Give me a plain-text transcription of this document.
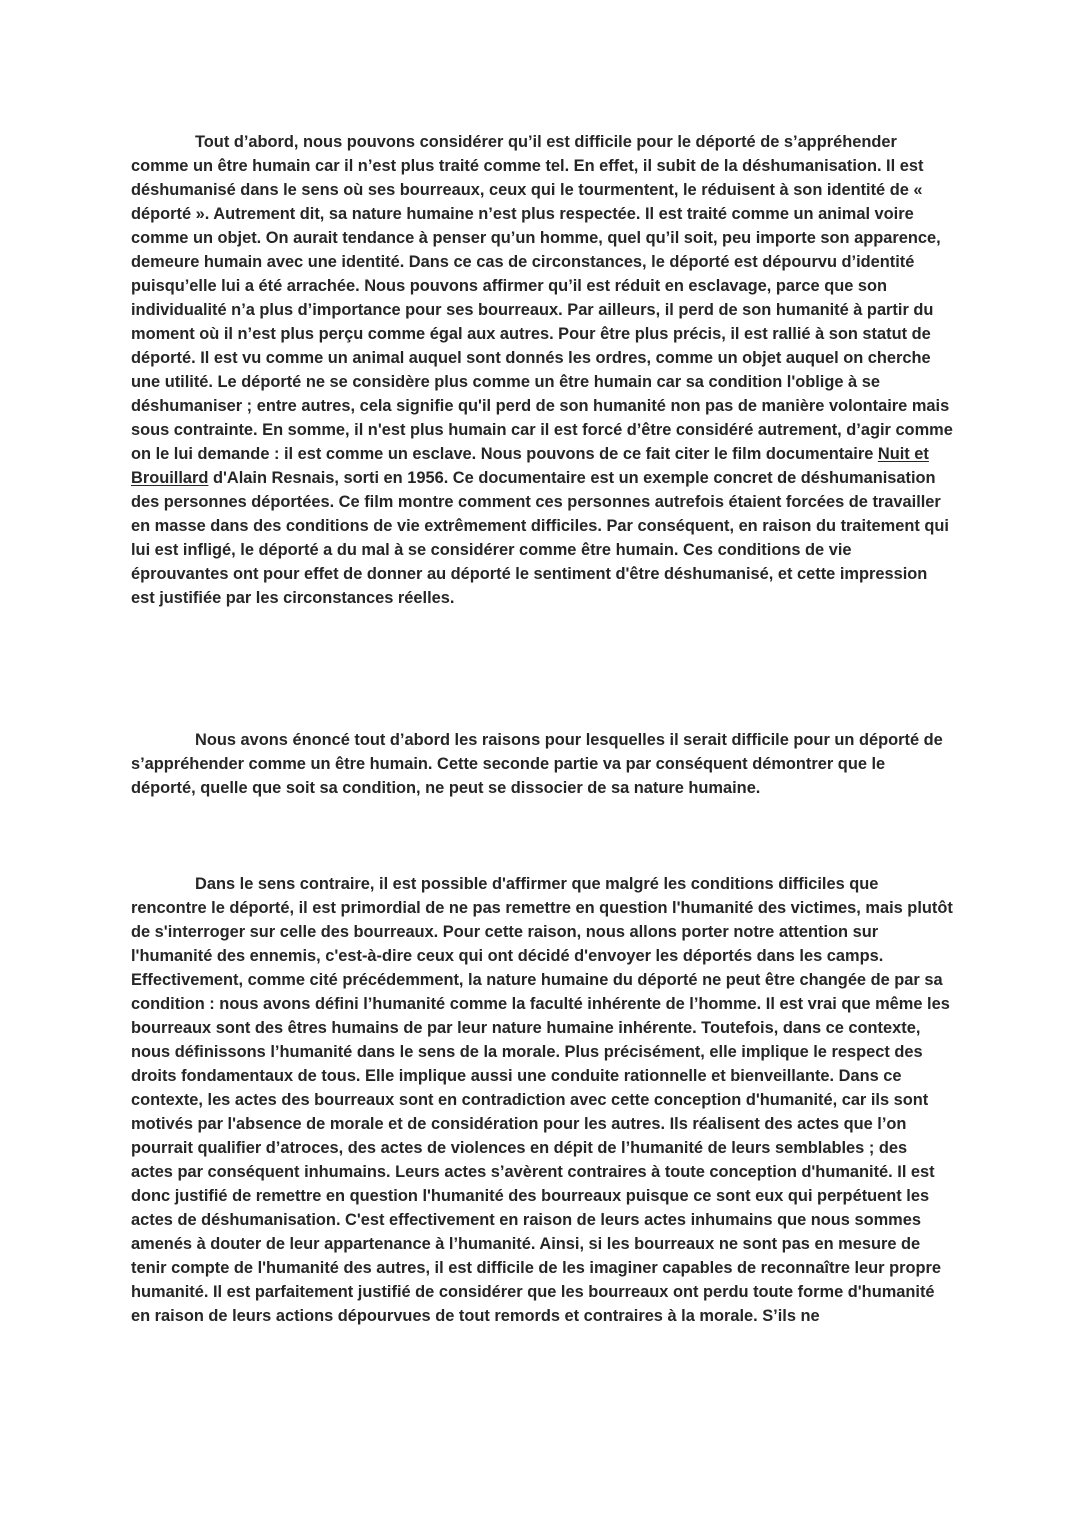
Tout d’abord, nous pouvons considérer qu’il est difficile pour le déporté de s’appréhender comme un être humain car il n’est plus traité comme tel. En effet, il subit de la déshumanisation. Il est déshumanisé dans le sens où ses bourreaux, ceux qui le tourmentent, le réduisent à son identité de « déporté ». Autrement dit, sa nature humaine n’est plus respectée. Il est traité comme un animal voire comme un objet. On aurait tendance à penser qu’un homme, quel qu’il soit, peu importe son apparence, demeure humain avec une identité. Dans ce cas de circonstances, le déporté est dépourvu d’identité puisqu’elle lui a été arrachée. Nous pouvons affirmer qu’il est réduit en esclavage, parce que son individualité n’a plus d’importance pour ses bourreaux. Par ailleurs, il perd de son humanité à partir du moment où il n’est plus perçu comme égal aux autres. Pour être plus précis, il est rallié à son statut de déporté. Il est vu comme un animal auquel sont donnés les ordres, comme un objet auquel on cherche une utilité. Le déporté ne se considère plus comme un être humain car sa condition l'oblige à se déshumaniser ; entre autres, cela signifie qu'il perd de son humanité non pas de manière volontaire mais sous contrainte. En somme, il n'est plus humain car il est forcé d’être considéré autrement, d’agir comme on le lui demande : il est comme un esclave. Nous pouvons de ce fait citer le film documentaire Nuit et Brouillard d'Alain Resnais, sorti en 1956. Ce documentaire est un exemple concret de déshumanisation des personnes déportées. Ce film montre comment ces personnes autrefois étaient forcées de travailler en masse dans des conditions de vie extrêmement difficiles. Par conséquent, en raison du traitement qui lui est infligé, le déporté a du mal à se considérer comme être humain. Ces conditions de vie éprouvantes ont pour effet de donner au déporté le sentiment d'être déshumanisé, et cette impression est justifiée par les circonstances réelles.

Nous avons énoncé tout d’abord les raisons pour lesquelles il serait difficile pour un déporté de s’appréhender comme un être humain. Cette seconde partie va par conséquent démontrer que le déporté, quelle que soit sa condition, ne peut se dissocier de sa nature humaine.

Dans le sens contraire, il est possible d'affirmer que malgré les conditions difficiles que rencontre le déporté, il est primordial de ne pas remettre en question l'humanité des victimes, mais plutôt de s'interroger sur celle des bourreaux. Pour cette raison, nous allons porter notre attention sur l'humanité des ennemis, c'est-à-dire ceux qui ont décidé d'envoyer les déportés dans les camps. Effectivement, comme cité précédemment, la nature humaine du déporté ne peut être changée de par sa condition : nous avons défini l’humanité comme la faculté inhérente de l’homme. Il est vrai que même les bourreaux sont des êtres humains de par leur nature humaine inhérente. Toutefois, dans ce contexte, nous définissons l’humanité dans le sens de la morale. Plus précisément, elle implique le respect des droits fondamentaux de tous. Elle implique aussi une conduite rationnelle et bienveillante. Dans ce contexte, les actes des bourreaux sont en contradiction avec cette conception d'humanité, car ils sont motivés par l'absence de morale et de considération pour les autres. Ils réalisent des actes que l’on pourrait qualifier d’atroces, des actes de violences en dépit de l’humanité de leurs semblables ; des actes par conséquent inhumains. Leurs actes s’avèrent contraires à toute conception d'humanité. Il est donc justifié de remettre en question l'humanité des bourreaux puisque ce sont eux qui perpétuent les actes de déshumanisation. C'est effectivement en raison de leurs actes inhumains que nous sommes amenés à douter de leur appartenance à l’humanité. Ainsi, si les bourreaux ne sont pas en mesure de tenir compte de l'humanité des autres, il est difficile de les imaginer capables de reconnaître leur propre humanité. Il est parfaitement justifié de considérer que les bourreaux ont perdu toute forme d'humanité en raison de leurs actions dépourvues de tout remords et contraires à la morale. S’ils ne
